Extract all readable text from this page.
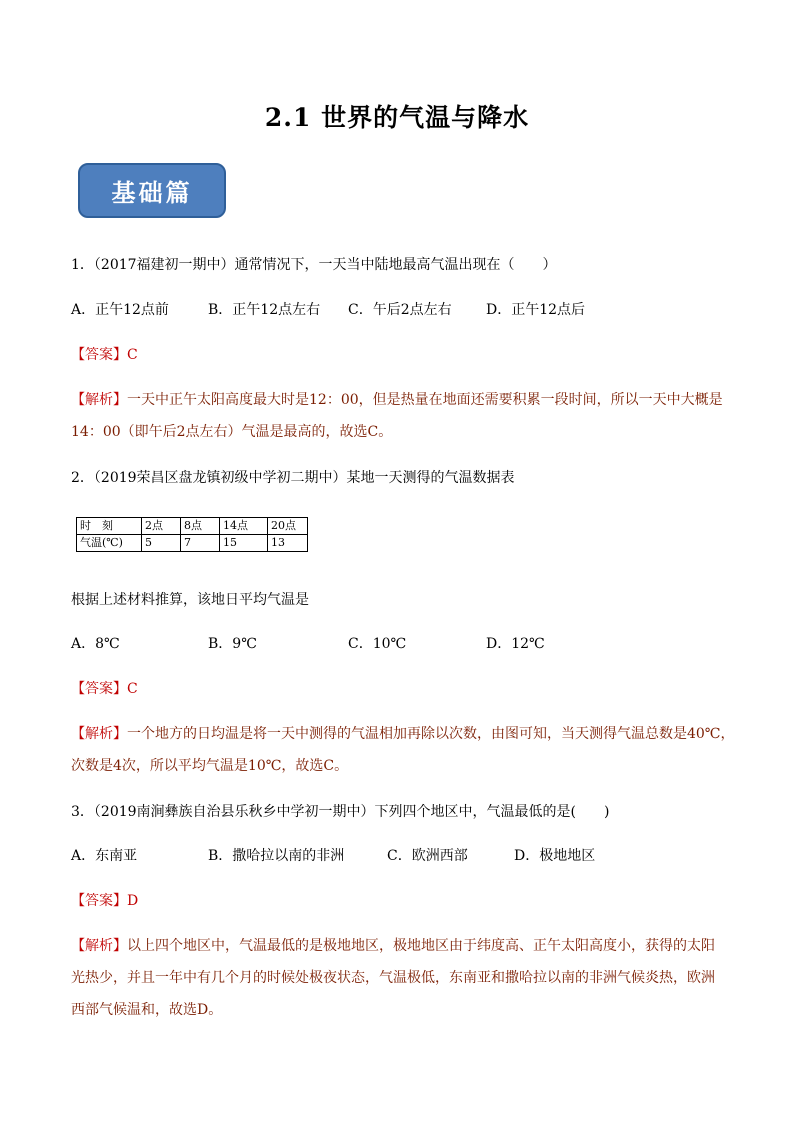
2.1 世界的气温与降水
基础篇
1．（2017福建初一期中）通常情况下，一天当中陆地最高气温出现在（　　）
A．正午12点前	B．正午12点左右 C．午后2点左右 D．正午12点后
【答案】C
【解析】一天中正午太阳高度最大时是12：00，但是热量在地面还需要积累一段时间，所以一天中大概是
14：00（即午后2点左右）气温是最高的，故选C。
2．（2019荣昌区盘龙镇初级中学初二期中）某地一天测得的气温数据表
时　刻	2点	8点	14点	20点
气温(℃)	5	7	15	13
根据上述材料推算，该地日平均气温是
A．8℃	B．9℃	C．10℃	D．12℃
【答案】C
【解析】一个地方的日均温是将一天中测得的气温相加再除以次数，由图可知，当天测得气温总数是40℃，
次数是4次，所以平均气温是10℃，故选C。
3．（2019南涧彝族自治县乐秋乡中学初一期中）下列四个地区中，气温最低的是(　　)
A．东南亚	B．撒哈拉以南的非洲	C．欧洲西部	D．极地地区
【答案】D
【解析】以上四个地区中，气温最低的是极地地区，极地地区由于纬度高、正午太阳高度小，获得的太阳
光热少，并且一年中有几个月的时候处极夜状态，气温极低，东南亚和撒哈拉以南的非洲气候炎热，欧洲
西部气候温和，故选D。
